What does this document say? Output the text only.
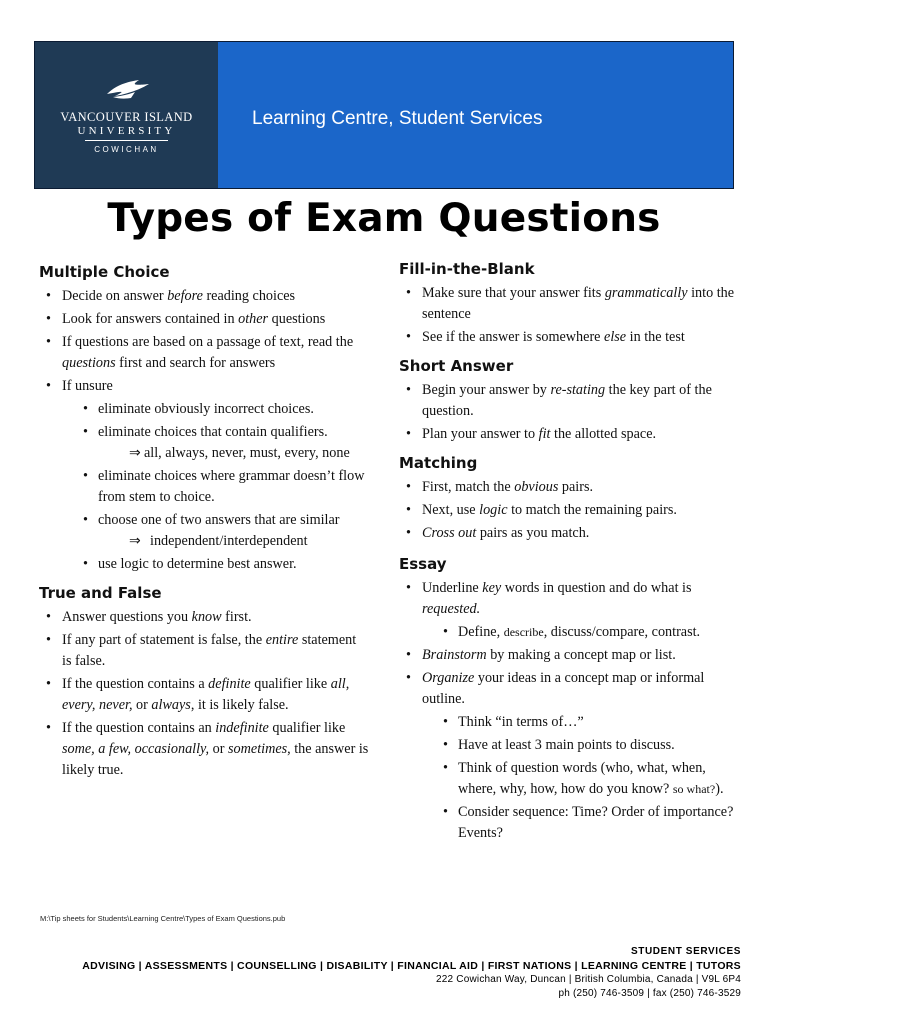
VANCOUVER ISLAND
UNIVERSITY
COWICHAN
cc.viu.ca/ss
Learning Centre, Student Services
Types of Exam Questions
Multiple Choice
• Decide on answer before reading choices
• Look for answers contained in other questions
• If questions are based on a passage of text, read the questions first and search for answers
• If unsure
• eliminate obviously incorrect choices.
• eliminate choices that contain qualifiers.
⇒ all, always, never, must, every, none
• eliminate choices where grammar doesn’t flow from stem to choice.
• choose one of two answers that are similar
⇒ independent/interdependent
• use logic to determine best answer.
True and False
• Answer questions you know first.
• If any part of statement is false, the entire statement is false.
• If the question contains a definite qualifier like all, every, never, or always, it is likely false.
• If the question contains an indefinite qualifier like some, a few, occasionally, or sometimes, the answer is likely true.
Fill-in-the-Blank
• Make sure that your answer fits grammatically into the sentence
• See if the answer is somewhere else in the test
Short Answer
• Begin your answer by re-stating the key part of the question.
• Plan your answer to fit the allotted space.
Matching
• First, match the obvious pairs.
• Next, use logic to match the remaining pairs.
• Cross out pairs as you match.
Essay
• Underline key words in question and do what is requested.
• Define, describe, discuss/compare, contrast.
• Brainstorm by making a concept map or list.
• Organize your ideas in a concept map or informal outline.
• Think “in terms of…”
• Have at least 3 main points to discuss.
• Think of question words (who, what, when, where, why, how, how do you know? so what?).
• Consider sequence: Time? Order of importance? Events?
M:\Tip sheets for Students\Learning Centre\Types of Exam Questions.pub
STUDENT SERVICES
ADVISING | ASSESSMENTS | COUNSELLING | DISABILITY | FINANCIAL AID | FIRST NATIONS | LEARNING CENTRE | TUTORS
222 Cowichan Way, Duncan | British Columbia, Canada | V9L 6P4
ph (250) 746-3509 | fax (250) 746-3529
